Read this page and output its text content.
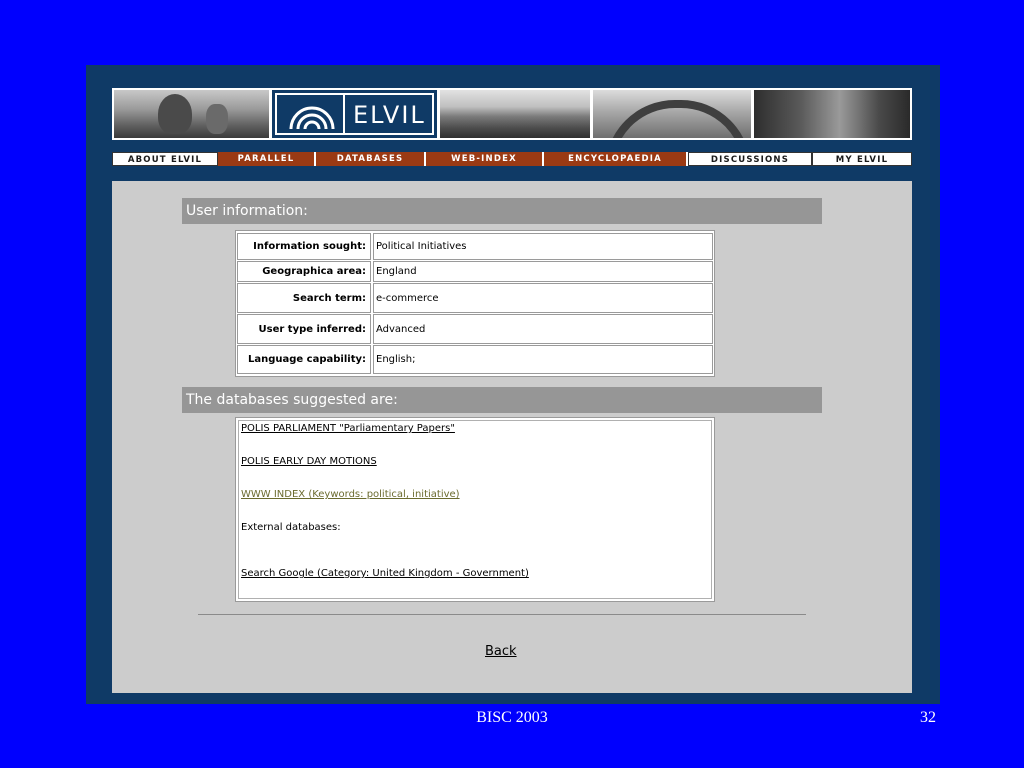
ELVIL
ABOUT ELVIL	PARALLEL	DATABASES	WEB-INDEX	ENCYCLOPAEDIA	DISCUSSIONS	MY ELVIL
User information:
Information sought:	Political Initiatives
Geographica area:	England
Search term:	e-commerce
User type inferred:	Advanced
Language capability:	English;
The databases suggested are:
POLIS PARLIAMENT "Parliamentary Papers"
POLIS EARLY DAY MOTIONS
WWW INDEX (Keywords: political, initiative)
External databases:
Search Google (Category: United Kingdom - Government)
Back
BISC 2003	32
